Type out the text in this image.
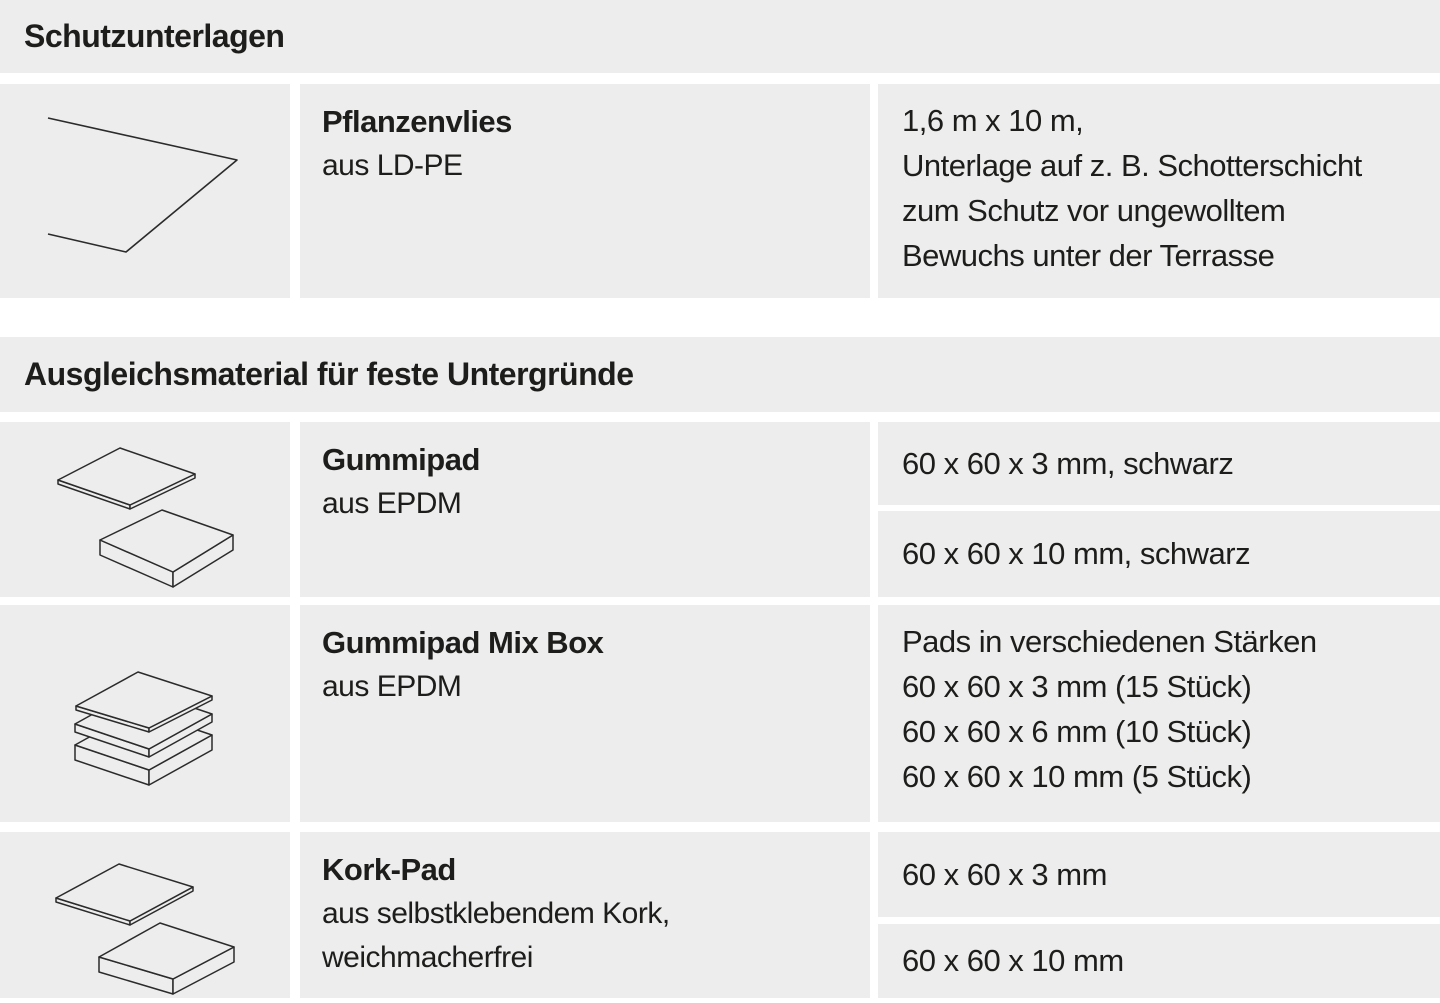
Schutzunterlagen
Pflanzenvlies
aus LD-PE
1,6 m x 10 m,
Unterlage auf z. B. Schotterschicht
zum Schutz vor ungewolltem
Bewuchs unter der Terrasse
Ausgleichsmaterial für feste Untergründe
Gummipad
aus EPDM
60 x 60 x 3 mm, schwarz
60 x 60 x 10 mm, schwarz
Gummipad Mix Box
aus EPDM
Pads in verschiedenen Stärken
60 x 60 x 3 mm (15 Stück)
60 x 60 x 6 mm (10 Stück)
60 x 60 x 10 mm (5 Stück)
Kork-Pad
aus selbstklebendem Kork,
weichmacherfrei
60 x 60 x 3 mm
60 x 60 x 10 mm
